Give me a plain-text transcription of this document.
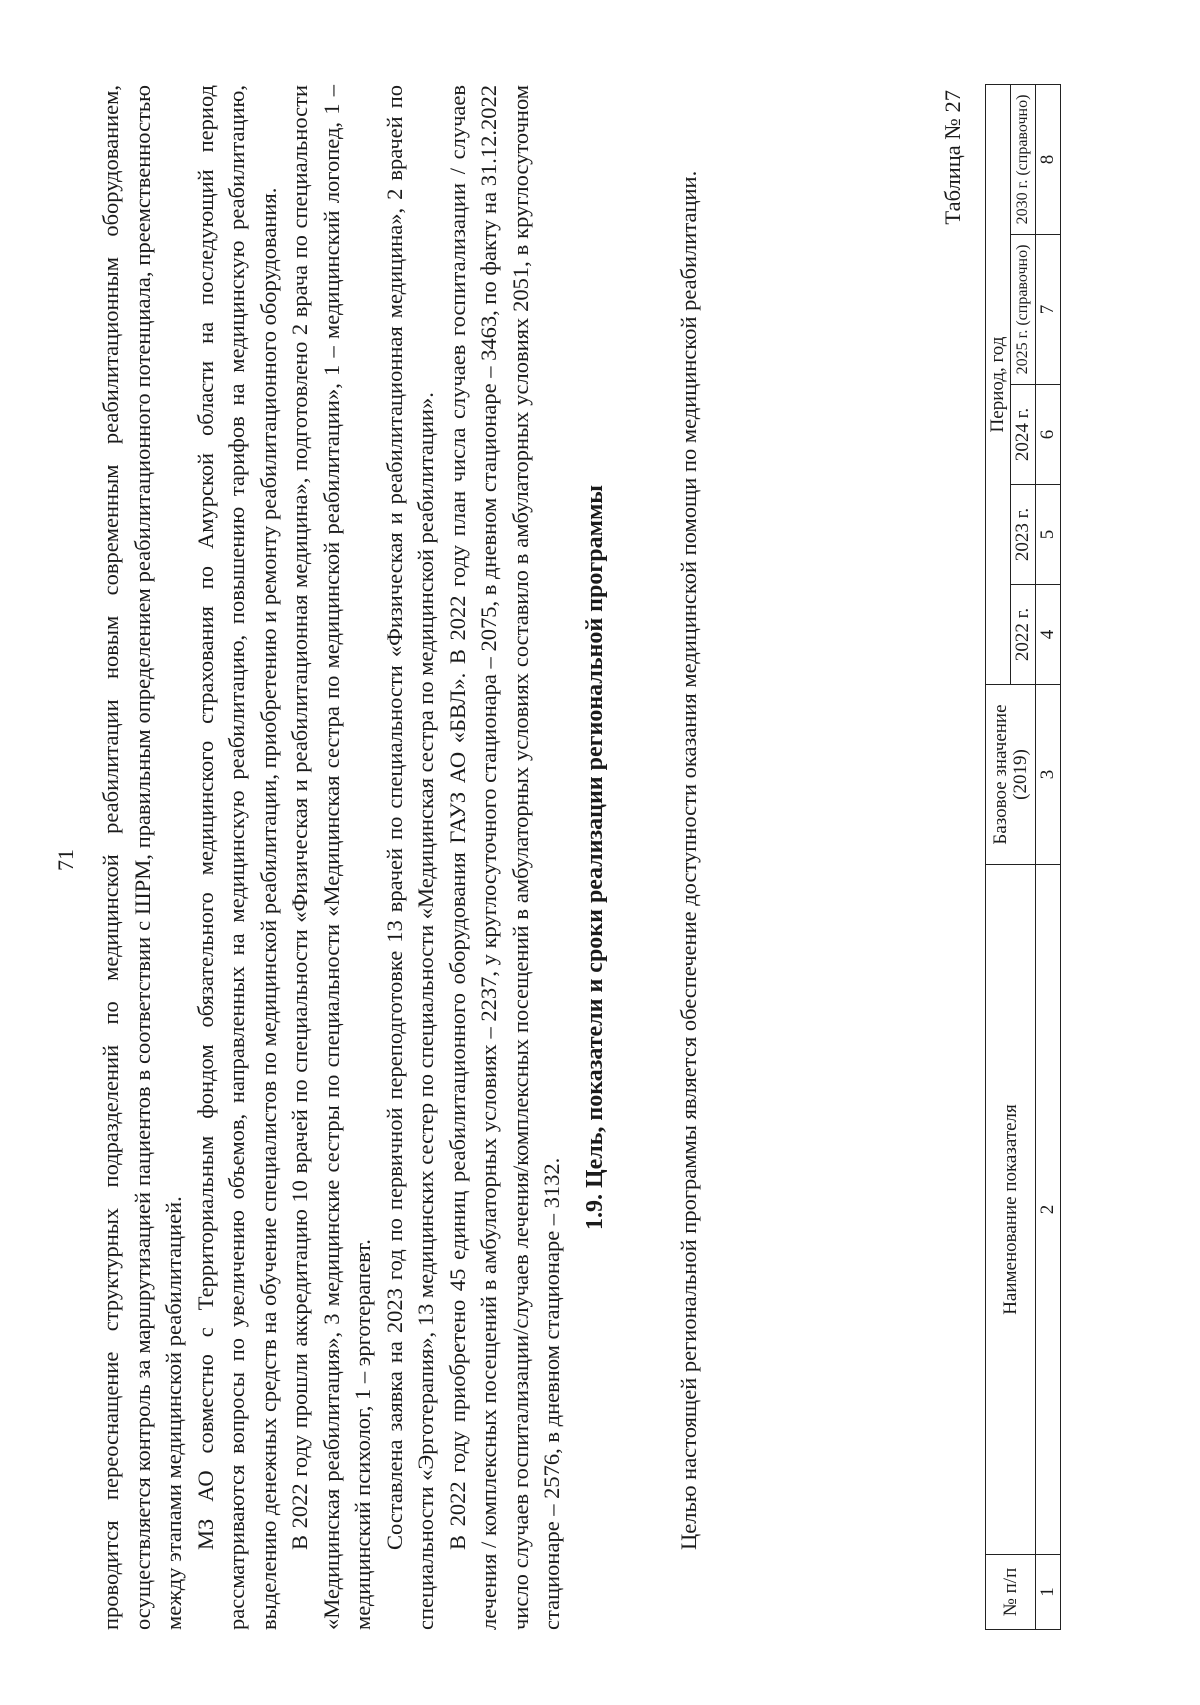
71 проводится переоснащение структурных подразделений по медицинской реабилитации новым современным реабилитационным оборудованием, осуществляется контроль за маршрутизацией пациентов в соответствии с ШРМ, правильным определением реабилитационного потенциала, преемственностью между этапами медицинской реабилитацией. МЗ АО совместно с Территориальным фондом обязательного медицинского страхования по Амурской области на последующий период рассматриваются вопросы по увеличению объемов, направленных на медицинскую реабилитацию, повышению тарифов на медицинскую реабилитацию, выделению денежных средств на обучение специалистов по медицинской реабилитации, приобретению и ремонту реабилитационного оборудования. В 2022 году прошли аккредитацию 10 врачей по специальности «Физическая и реабилитационная медицина», подготовлено 2 врача по специальности «Медицинская реабилитация», 3 медицинские сестры по специальности «Медицинская сестра по медицинской реабилитации», 1 – медицинский логопед, 1 – медицинский психолог, 1 – эрготерапевт. Составлена заявка на 2023 год по первичной переподготовке 13 врачей по специальности «Физическая и реабилитационная медицина», 2 врачей по специальности «Эрготерапия», 13 медицинских сестер по специальности «Медицинская сестра по медицинской реабилитации». В 2022 году приобретено 45 единиц реабилитационного оборудования ГАУЗ АО «БВЛ». В 2022 году план числа случаев госпитализации / случаев лечения / комплексных посещений в амбулаторных условиях – 2237, у круглосуточного стационара – 2075, в дневном стационаре – 3463, по факту на 31.12.2022 число случаев госпитализации/случаев лечения/комплексных посещений в амбулаторных условиях составило в амбулаторных условиях 2051, в круглосуточном стационаре – 2576, в дневном стационаре – 3132.

1.9. Цель, показатели и сроки реализации региональной программы	Целью настоящей региональной программы является обеспечение доступности оказания медицинской помощи по медицинской реабилитации.

Таблица № 27
№ п/п	Наименование показателя	Базовое значение (2019)	Период, год				
			2022 г.	2023 г.	2024 г.	2025 г. (справочно)	2030 г. (справочно)
1	2	3	4	5	6	7	8
